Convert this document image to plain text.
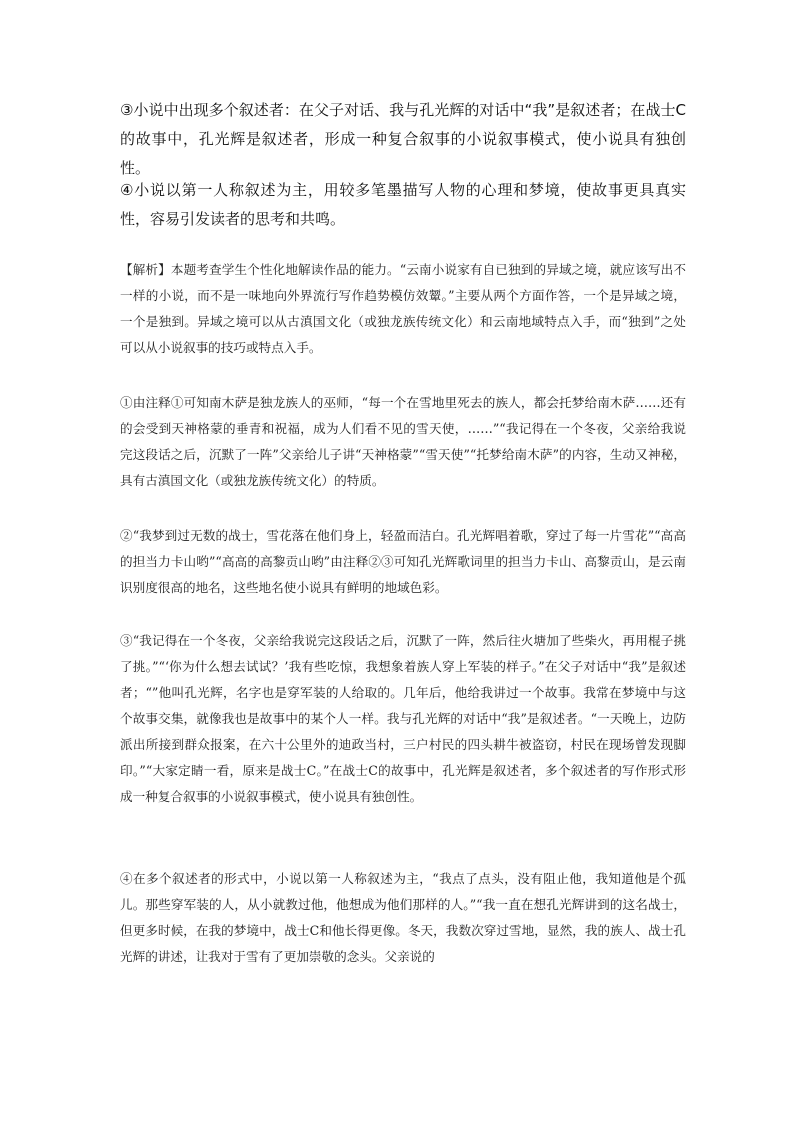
③小说中出现多个叙述者：在父子对话、我与孔光辉的对话中“我”是叙述者；在战士C的故事中，孔光辉是叙述者，形成一种复合叙事的小说叙事模式，使小说具有独创性。

④小说以第一人称叙述为主，用较多笔墨描写人物的心理和梦境，使故事更具真实性，容易引发读者的思考和共鸣。

【解析】本题考查学生个性化地解读作品的能力。“云南小说家有自已独到的异域之境，就应该写出不一样的小说，而不是一味地向外界流行写作趋势模仿效颦。”主要从两个方面作答，一个是异域之境，一个是独到。异域之境可以从古滇国文化（或独龙族传统文化）和云南地域特点入手，而“独到”之处可以从小说叙事的技巧或特点入手。

①由注释①可知南木萨是独龙族人的巫师，“每一个在雪地里死去的族人，都会托梦给南木萨……还有的会受到天神格蒙的垂青和祝福，成为人们看不见的雪天使，……”“我记得在一个冬夜，父亲给我说完这段话之后，沉默了一阵”父亲给儿子讲“天神格蒙”“雪天使”“托梦给南木萨”的内容，生动又神秘，具有古滇国文化（或独龙族传统文化）的特质。

②“我梦到过无数的战士，雪花落在他们身上，轻盈而洁白。孔光辉唱着歌，穿过了每一片雪花”“高高的担当力卡山哟”“高高的高黎贡山哟”由注释②③可知孔光辉歌词里的担当力卡山、高黎贡山，是云南识别度很高的地名，这些地名使小说具有鲜明的地域色彩。

③“我记得在一个冬夜，父亲给我说完这段话之后，沉默了一阵，然后往火塘加了些柴火，再用棍子挑了挑。”“‘你为什么想去试试？’我有些吃惊，我想象着族人穿上军装的样子。”在父子对话中“我”是叙述者；“”他叫孔光辉，名字也是穿军装的人给取的。几年后，他给我讲过一个故事。我常在梦境中与这个故事交集，就像我也是故事中的某个人一样。我与孔光辉的对话中“我”是叙述者。“一天晚上，边防派出所接到群众报案，在六十公里外的迪政当村，三户村民的四头耕牛被盗窃，村民在现场曾发现脚印。”“大家定睛一看，原来是战士C。”在战士C的故事中，孔光辉是叙述者，多个叙述者的写作形式形成一种复合叙事的小说叙事模式，使小说具有独创性。

④在多个叙述者的形式中，小说以第一人称叙述为主，“我点了点头，没有阻止他，我知道他是个孤儿。那些穿军装的人，从小就教过他，他想成为他们那样的人。”“我一直在想孔光辉讲到的这名战士，但更多时候，在我的梦境中，战士C和他长得更像。冬天，我数次穿过雪地，显然，我的族人、战士孔光辉的讲述，让我对于雪有了更加崇敬的念头。父亲说的
